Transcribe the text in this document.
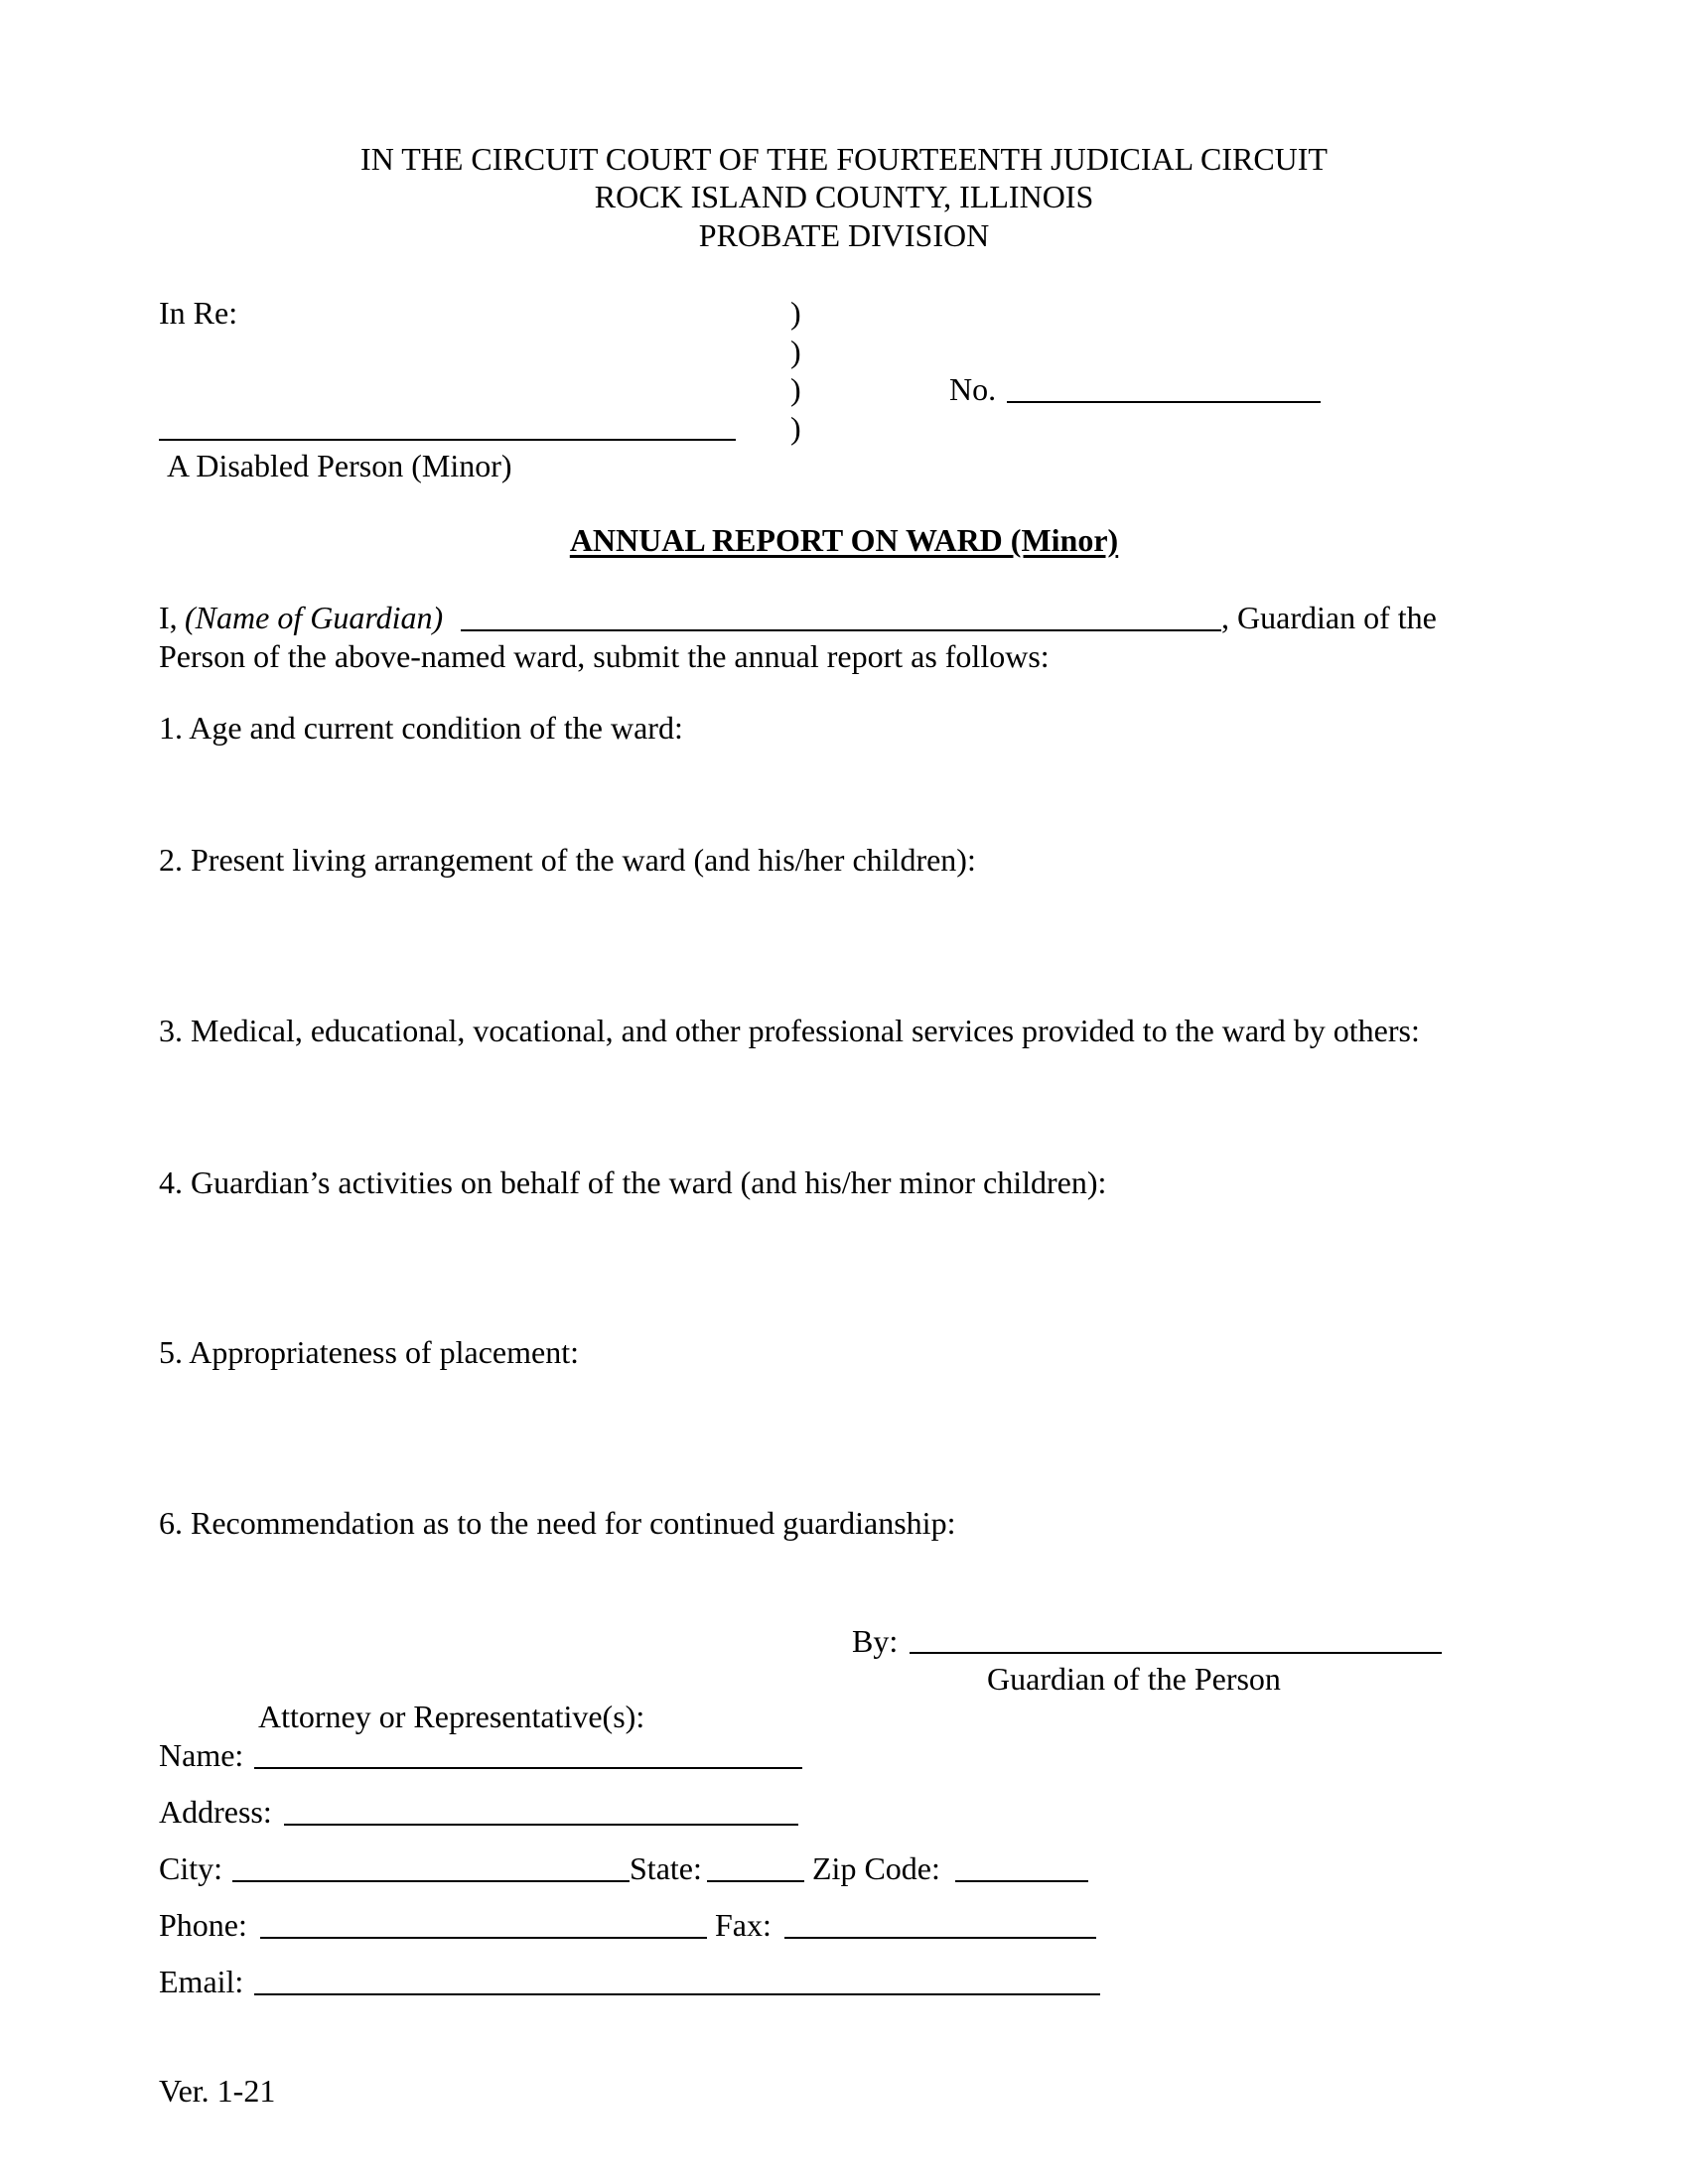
IN THE CIRCUIT COURT OF THE FOURTEENTH JUDICIAL CIRCUIT
ROCK ISLAND COUNTY, ILLINOIS
PROBATE DIVISION
In Re:	)
)
)
)
No.
A Disabled Person (Minor)
ANNUAL REPORT ON WARD (Minor)
I, (Name of Guardian)	, Guardian of the
Person of the above-named ward, submit the annual report as follows:
1. Age and current condition of the ward:
2. Present living arrangement of the ward (and his/her children):
3. Medical, educational, vocational, and other professional services provided to the ward by others:
4. Guardian’s activities on behalf of the ward (and his/her minor children):
5. Appropriateness of placement:
6. Recommendation as to the need for continued guardianship:
By:
Guardian of the Person
Attorney or Representative(s):
Name:
Address:
City:	State:	Zip Code:
Phone:	Fax:
Email:
Ver. 1-21
